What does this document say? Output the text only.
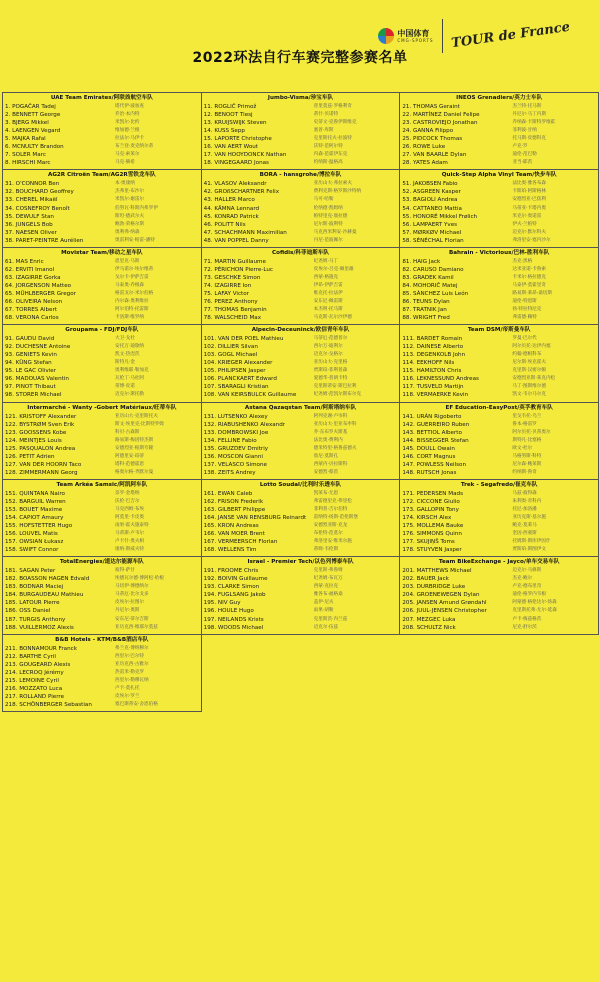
中国体育
CMG·SPORTS TOUR de France
2022环法自行车赛完整参赛名单
UAE Team Emirates/阿联酋航空车队
1. POGAČAR Tadej	塔代伊·波加查
2. BENNETT George	乔治·本内特
3. BJERG Mikkel	米凯尔·比约
4. LAENGEN Vegard	维加德·兰根
5. MAJKA Rafal	拉法尔·马伊卡
6. MCNULTY Brandon	布兰登·麦克纳尔蒂
7. SOLER Marc	马克·索莱尔
8. HIRSCHI Marc	马克·赫希
Jumbo-Visma/珍宝车队
11. ROGLIČ Primož	普里莫兹·罗格利奇
12. BENOOT Tiesj	蒂什·贝诺特
13. KRUIJSWIJK Steven	史蒂文·克鲁伊斯维克
14. KUSS Sepp	塞普·库斯
15. LAPORTE Christophe	克里斯托夫·拉波特
16. VAN AERT Wout	沃特·范阿尔特
17. VAN HOOYDONCK Nathan	内森·范霍伊东克
18. VINGEGAARD Jonas	约纳斯·温格高
INEOS Grenadiers/英力士车队
21. THOMAS Geraint	杰兰特·托马斯
22. MARTÍNEZ Daniel Felipe	丹尼尔·马丁内斯
23. CASTROVIEJO Jonathan	乔纳森·卡斯特罗维霍
24. GANNA Filippo	菲利波·甘纳
25. PIDCOCK Thomas	托马斯·皮德科克
26. ROWE Luke	卢克·罗
27. VAN BAARLE Dylan	迪伦·范巴勒
28. YATES Adam	亚当·耶茨
AG2R Citroën Team/AG2R雪铁龙车队
31. O'CONNOR Ben	本·奥康纳
32. BOUCHARD Geoffrey	杰弗里·布沙尔
33. CHEREL Mikaël	米凯尔·谢雷尔
34. COSNEFROY Benoît	伯努瓦·科斯内弗罗伊
35. DEWULF Stan	斯坦·德武尔夫
36. JUNGELS Bob	鲍勃·荣格尔斯
37. NAESEN Oliver	奥利弗·纳森
38. PARET-PEINTRE Aurélien	奥雷利安·帕雷-潘特
BORA - hansgrohe/博拉车队
41. VLASOV Aleksandr	亚历山大·弗拉索夫
42. GROßSCHARTNER Felix	费利克斯·格罗斯沙特纳
43. HALLER Marco	马可·哈勒
44. KÄMNA Lennard	伦纳德·凯姆纳
45. KONRAD Patrick	帕特里克·康拉德
46. POLITT Nils	尼尔斯·波利特
47. SCHACHMANN Maximilian	马克西米利安·沙赫曼
48. VAN POPPEL Danny	丹尼·范波佩尔
Quick-Step Alpha Vinyl Team/快步车队
51. JAKOBSEN Fabio	法比奥·雅各布森
52. ASGREEN Kasper	卡斯珀·阿斯格林
53. BAGIOLI Andrea	安德烈亚·巴焦利
54. CATTANEO Mattia	马蒂亚·卡塔内奥
55. HONORÉ Mikkel Frølich	米克尔·奥诺雷
56. LAMPAERT Yves	伊夫·兰帕特
57. MØRKØV Michael	迈克尔·默尔科夫
58. SÉNÉCHAL Florian	弗洛里安·塞内沙尔
Movistar Team/移动之星车队
61. MAS Enric	恩里克·马斯
62. ERVITI Imanol	伊马诺尔·埃尔维蒂
63. IZAGIRRE Gorka	戈尔卡·伊萨吉雷
64. JORGENSON Matteo	马泰奥·乔根森
65. MÜHLBERGER Gregor	格雷戈尔·米尔伯格
66. OLIVEIRA Nelson	内尔森·奥利维拉
67. TORRES Albert	阿尔伯特·托雷斯
68. VERONA Carlos	卡洛斯·维罗纳
Cofidis/科菲迪斯车队
71. MARTIN Guillaume	纪尧姆·马丁
72. PÉRICHON Pierre-Luc	皮埃尔-吕克·佩里雄
73. GESCHKE Simon	西蒙·格施克
74. IZAGIRRE Ion	伊昂·伊萨吉雷
75. LAFAY Victor	维克托·拉法伊
76. PEREZ Anthony	安东尼·佩雷斯
77. THOMAS Benjamin	本杰明·托马斯
78. WALSCHEID Max	马克斯·瓦尔沙伊德
Bahrain - Victorious/巴林-胜利车队
81. HAIG Jack	杰克·黑格
82. CARUSO Damiano	达米亚诺·卡鲁索
83. GRADEK Kamil	卡米尔·格拉德克
84. MOHORIČ Matej	马泰伊·莫霍里奇
85. SÁNCHEZ Luis León	路易斯·莱昂·桑切斯
86. TEUNS Dylan	迪伦·特恩斯
87. TRATNIK Jan	扬·特拉特尼克
88. WRIGHT Fred	弗雷德·赖特
Groupama - FDJ/FDJ车队
91. GAUDU David	大卫·戈杜
92. DUCHESNE Antoine	安托万·迪歇纳
93. GENIETS Kevin	凯文·热涅茨
94. KÜNG Stefan	斯特凡·金
95. LE GAC Olivier	奥利维耶·勒加克
96. MADOUAS Valentin	瓦伦丁·马杜阿
97. PINOT Thibaut	蒂博·皮诺
98. STORER Michael	迈克尔·斯托勒
Alpecin-Deceuninck/欧信青年车队
101. VAN DER POEL Mathieu	马蒂厄·范德普尔
102. DILLIER Silvan	西尔万·迪利尔
103. GOGL Michael	迈克尔·戈格尔
104. KRIEGER Alexander	亚历山大·克里格
105. PHILIPSEN Jasper	贾斯珀·菲利普森
106. PLANCKAERT Edward	爱德华·普朗卡特
107. SBARAGLI Kristian	克里斯蒂安·斯巴拉利
108. VAN KEIRSBULCK Guillaume	纪尧姆·范凯尔斯布尔克
Team DSM/帝斯曼车队
111. BARDET Romain	罗曼·巴尔代
112. DAINESE Alberto	阿尔贝托·达伊内塞
113. DEGENKOLB John	约翰·德根科布
114. EEKHOFF Nils	尼尔斯·埃克霍夫
115. HAMILTON Chris	克里斯·汉密尔顿
116. LEKNESSUND Andreas	安德烈亚斯·莱克内松
117. TUSVELD Martijn	马丁·图斯维尔德
118. VERMAERKE Kevin	凯文·韦尔马尔克
Intermarché - Wanty -Gobert Matériaux/旺蒂车队
121. KRISTOFF Alexander	亚历山大·克里斯托夫
122. BYSTRØM Sven Erik	斯文·埃里克·比斯特罗姆
123. GOOSSENS Kobe	科贝·古森斯
124. MEINTJES Louis	路易斯·梅因特杰斯
125. PASQUALON Andrea	安德烈亚·帕斯夸隆
126. PETIT Adrien	阿德里安·珀蒂
127. VAN DER HOORN Taco	塔科·范德霍恩
128. ZIMMERMANN Georg	格奥尔格·齐默尔曼
Astana Qazaqstan Team/阿斯塔纳车队
131. LUTSENKO Alexey	阿列克谢·卢岑科
132. RIABUSHENKO Alexandr	亚历山大·里亚布申科
133. DOMBROWSKI Joe	乔·东布罗夫斯基
134. FELLINE Fabio	法比奥·费利内
135. GRUZDEV Dmitriy	德米特里·格鲁兹德夫
136. MOSCON Gianni	詹尼·莫斯孔
137. VELASCO Simone	西蒙内·贝拉斯科
138. ZEITS Andrey	安德烈·蔡茨
EF Education-EasyPost/英孚教育车队
141. URÁN Rigoberto	里戈韦托·乌兰
142. GUERREIRO Ruben	鲁本·格雷罗
143. BETTIOL Alberto	阿尔贝托·贝蒂奥尔
144. BISSEGGER Stefan	斯特凡·比塞格
145. DOULL Owain	欧文·杜尔
146. CORT Magnus	马格努斯·科特
147. POWLESS Neilson	尼尔森·鲍莱斯
148. RUTSCH Jonas	约纳斯·鲁奇
Team Arkéa Samsic/阿凯阿车队
151. QUINTANA Nairo	奈罗·金塔纳
152. BARGUIL Warren	沃伦·巴吉尔
153. BOUET Maxime	马克西姆·布埃
154. CAPIOT Amaury	阿莫里·卡皮奥
155. HOFSTETTER Hugo	雨果·霍夫施泰特
156. LOUVEL Matis	马蒂斯·卢韦尔
157. OWSIAN Łukasz	卢卡什·奥夫相
158. SWIFT Connor	康纳·斯威夫特
Lotto Soudal/比利时乐透车队
161. EWAN Caleb	凯莱布·尤恩
162. FRISON Frederik	弗雷德里克·弗里松
163. GILBERT Philippe	菲利普·吉尔伯特
164. JANSE VAN RENSBURG Reinardt	雷纳特·扬斯·范伦斯堡
165. KRON Andreas	安德烈亚斯·克龙
166. VAN MOER Brent	布伦特·范莫尔
167. VERMEERSCH Florian	弗洛里安·维米尔施
168. WELLENS Tim	蒂姆·韦伦斯
Trek - Segafredo/崔克车队
171. PEDERSEN Mads	马兹·彼得森
172. CICCONE Giulio	朱利奥·奇科内
173. GALLOPIN Tony	托尼·加洛潘
174. KIRSCH Alex	亚历克斯·基尔施
175. MOLLEMA Bauke	鲍克·莫莱马
176. SIMMONS Quinn	奎因·西蒙斯
177. SKUJIŅŠ Toms	托姆斯·斯库伊因什
178. STUYVEN Jasper	贾斯珀·斯图伊文
TotalEnergies/道达尔能源车队
181. SAGAN Peter	彼得·萨甘
182. BOASSON HAGEN Edvald	埃德瓦尔德·博阿松·哈根
183. BODNAR Maciej	马切伊·博德纳尔
184. BURGAUDEAU Mathieu	马蒂厄·比尔戈多
185. LATOUR Pierre	皮埃尔·拉图尔
186. OSS Daniel	丹尼尔·奥斯
187. TURGIS Anthony	安东尼·蒂尔吉斯
188. VUILLERMOZ Alexis	亚历克西·维耶尔莫兹
Israel - Premier Tech/以色列博泰车队
191. FROOME Chris	克里斯·弗鲁姆
192. BOIVIN Guillaume	纪尧姆·布瓦万
193. CLARKE Simon	西蒙·克拉克
194. FUGLSANG Jakob	雅各布·福格桑
195. NIV Guy	盖伊·尼夫
196. HOULE Hugo	雨果·胡勒
197. NEILANDS Krists	克里斯茨·内兰兹
198. WOODS Michael	迈克尔·伍兹
Team BikeExchange - Jayco/单车交易车队
201. MATTHEWS Michael	迈克尔·马修斯
202. BAUER Jack	杰克·鲍尔
203. DURBRIDGE Luke	卢克·德布里奇
204. GROENEWEGEN Dylan	迪伦·格罗内韦根
205. JANSEN Amund Grøndahl	阿蒙德·格伦达尔·扬森
206. JUUL-JENSEN Christopher	克里斯托弗·尤尔-延森
207. MEZGEC Luka	卢卡·梅兹格茨
208. SCHULTZ Nick	尼克·舒尔茨
B&B Hotels - KTM/B&B酒店车队
211. BONNAMOUR Franck	弗兰克·博纳穆尔
212. BARTHE Cyril	西里尔·巴尔特
213. GOUGEARD Alexis	亚历克西·古雅尔
214. LECROQ Jérémy	热雷米·勒克罗
215. LEMOINE Cyril	西里尔·勒穆瓦纳
216. MOZZATO Luca	卢卡·莫扎托
217. ROLLAND Pierre	皮埃尔·罗兰
218. SCHÖNBERGER Sebastian	塞巴斯蒂安·舍恩伯格
